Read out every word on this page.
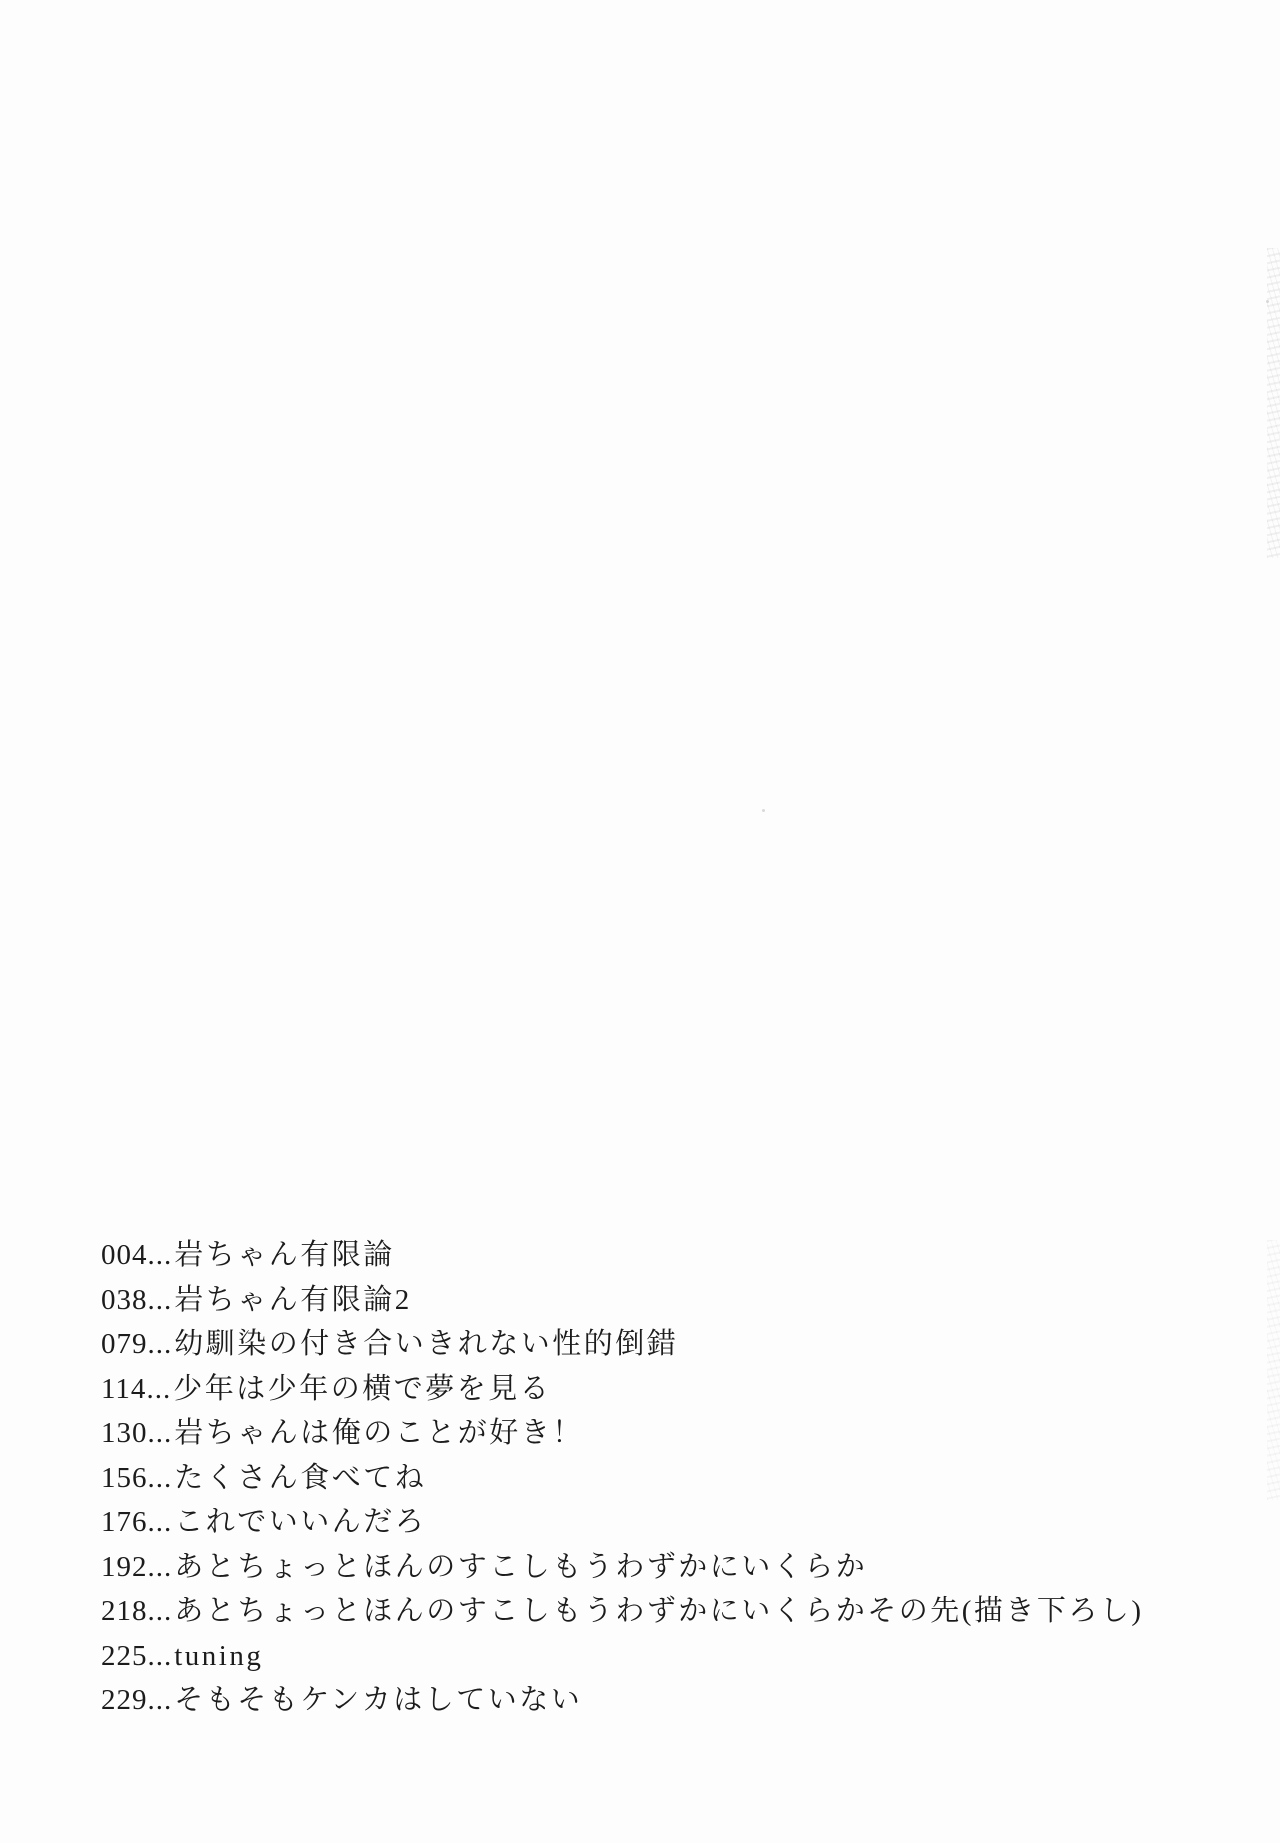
004 ... 岩ちゃん有限論
038 ... 岩ちゃん有限論2
079 ... 幼馴染の付き合いきれない性的倒錯
114 ... 少年は少年の横で夢を見る
130 ... 岩ちゃんは俺のことが好き！
156 ... たくさん食べてね
176 ... これでいいんだろ
192 ... あとちょっとほんのすこしもうわずかにいくらか
218 ... あとちょっとほんのすこしもうわずかにいくらかその先(描き下ろし)
225 ... tuning
229 ... そもそもケンカはしていない
